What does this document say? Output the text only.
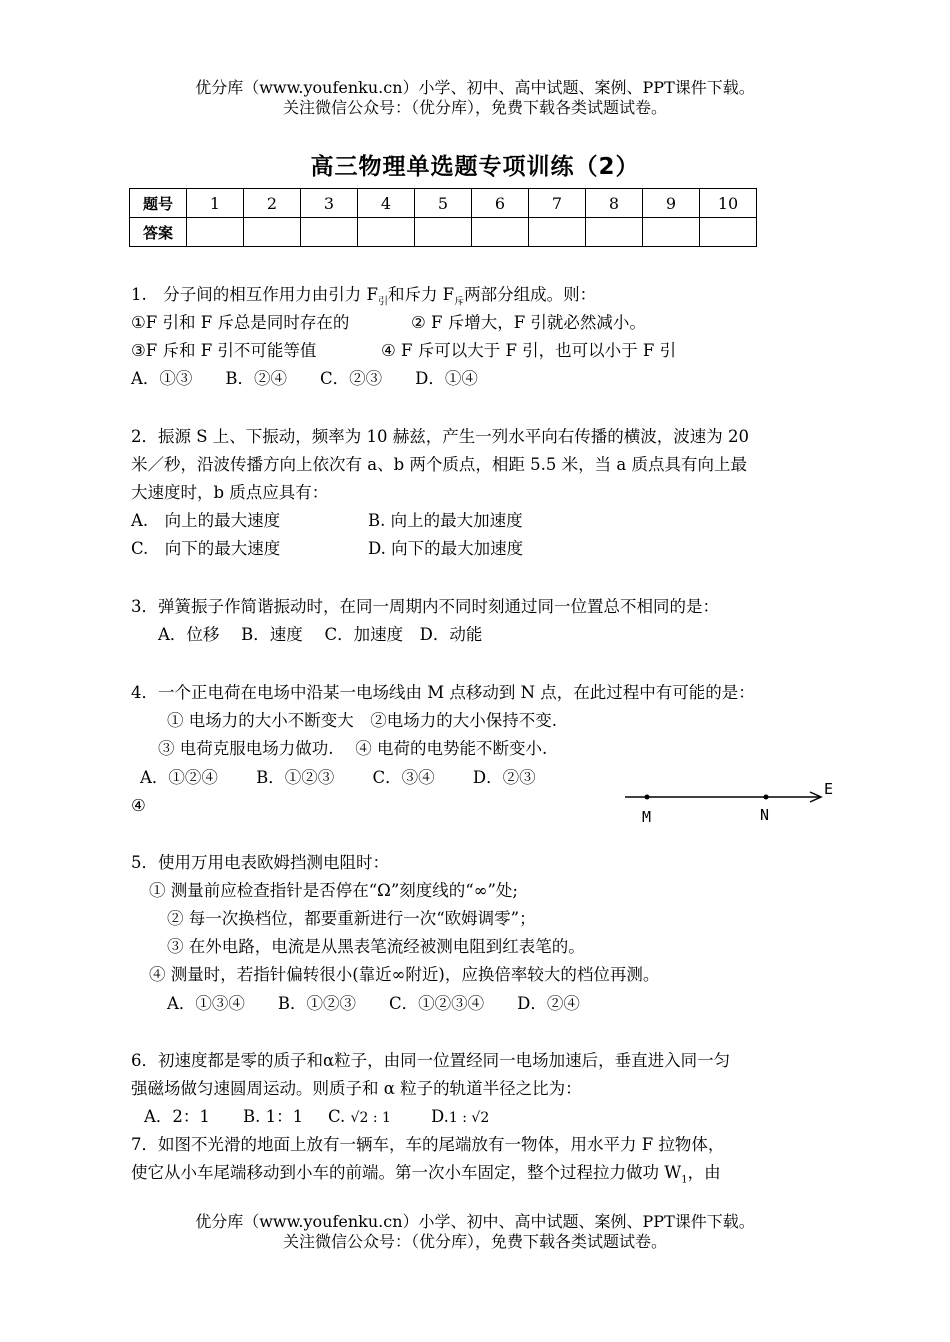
优分库（www.youfenku.cn）小学、初中、高中试题、案例、PPT课件下载。
关注微信公众号：（优分库），免费下载各类试题试卷。
高三物理单选题专项训练（2）
题号	1	2	3	4	5	6	7	8	9	10
答案										
1.　分子间的相互作用力由引力 $F_引$和斥力 $F_斥$两部分组成。则：
①F 引和 F 斥总是同时存在的	② F 斥增大，F 引就必然减小。
③F 斥和 F 引不可能等值	④ F 斥可以大于 F 引，也可以小于 F 引
A．①③　　B．②④　　C．②③　　D．①④
2．振源 S 上、下振动，频率为 10 赫兹，产生一列水平向右传播的横波，波速为 20
米／秒，沿波传播方向上依次有 a、b 两个质点，相距 5.5 米，当 a 质点具有向上最
大速度时，b 质点应具有：
A.　向上的最大速度	B. 向上的最大加速度
C.　向下的最大速度	D. 向下的最大加速度
3．弹簧振子作简谐振动时，在同一周期内不同时刻通过同一位置总不相同的是：
A．位移　 B．速度　 C．加速度　D．动能
4．一个正电荷在电场中沿某一电场线由 M 点移动到 N 点，在此过程中有可能的是：
① 电场力的大小不断变大　②电场力的大小保持不变.
③ 电荷克服电场力做功.　 ④ 电荷的电势能不断变小.
A．①②④　　 B．①②③　　 C．③④　　 D．②③
④
M	N
E
5．使用万用电表欧姆挡测电阻时：
① 测量前应检查指针是否停在“Ω”刻度线的“∞”处;
② 每一次换档位，都要重新进行一次“欧姆调零”；
③ 在外电路，电流是从黑表笔流经被测电阻到红表笔的。
④ 测量时，若指针偏转很小(靠近∞附近)，应换倍率较大的档位再测。
A．①③④　　B．①②③　　C．①②③④　　D．②④
6．初速度都是零的质子和α粒子，由同一位置经同一电场加速后，垂直进入同一匀
强磁场做匀速圆周运动。则质子和 α 粒子的轨道半径之比为：
A．2：1 B. 1：1 C. √2 : 1 D.1 : √2
7．如图不光滑的地面上放有一辆车，车的尾端放有一物体，用水平力 F 拉物体，
使它从小车尾端移动到小车的前端。第一次小车固定，整个过程拉力做功 $W_1$，由
优分库（www.youfenku.cn）小学、初中、高中试题、案例、PPT课件下载。
关注微信公众号：（优分库），免费下载各类试题试卷。
